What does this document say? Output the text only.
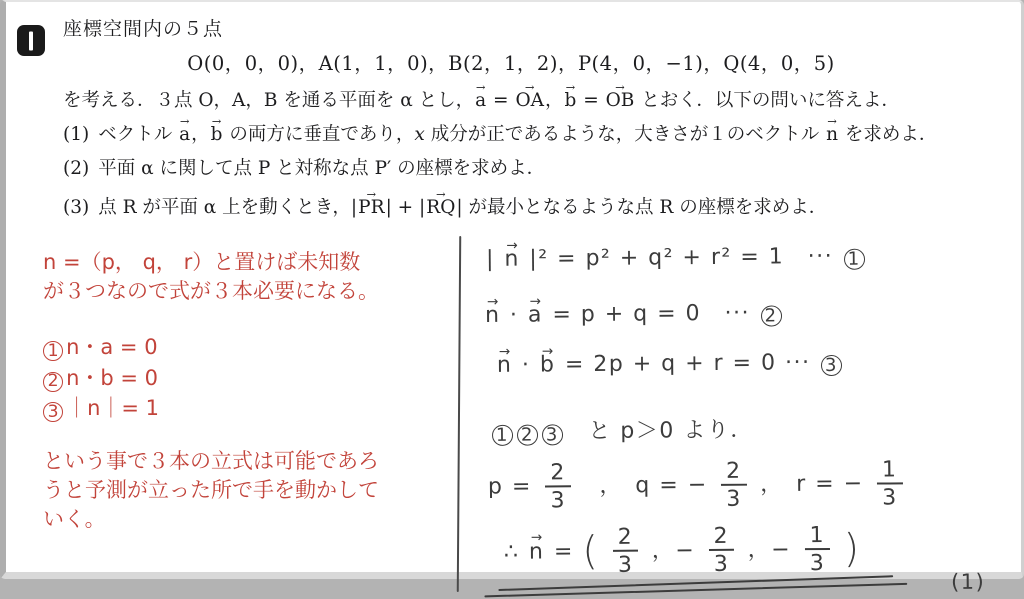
座標空間内の５点
O(0，0，0)，A(1，1，0)，B(2，1，2)，P(4，0，−1)，Q(4，0，5)
を考える．３点 O，A，B を通る平面を α とし，a → = OA →，b → = OB → とおく．以下の問いに答えよ．
(1) ベクトル a →，b → の両方に垂直であり，x 成分が正であるような，大きさが１のベクトル n → を求めよ．
(2) 平面 α に関して点 P と対称な点 P′ の座標を求めよ．
(3) 点 R が平面 α 上を動くとき，|PR →| + |RQ →| が最小となるような点 R の座標を求めよ．
n =（p， q， r）と置けば未知数
が３つなので式が３本必要になる。
1 n・a = 0
2 n・b = 0
3 ｜n｜= 1
という事で３本の立式は可能であろ
うと予測が立った所で手を動かして
いく。
| n → |² = p² + q² + r² = 1　··· 1
n → · a → = p + q = 0　··· 2
n → · b → = 2p + q + r = 0 ··· 3
1 2 3　と p＞0 より．
$p = \frac{2}{3}$ 　，　q = − $\frac{2}{3}$ ，　r = − $\frac{1}{3}$
∴ n → = ( $\frac{2}{3}$ ，− $\frac{2}{3}$ ，− $\frac{1}{3}$ )
(1)
